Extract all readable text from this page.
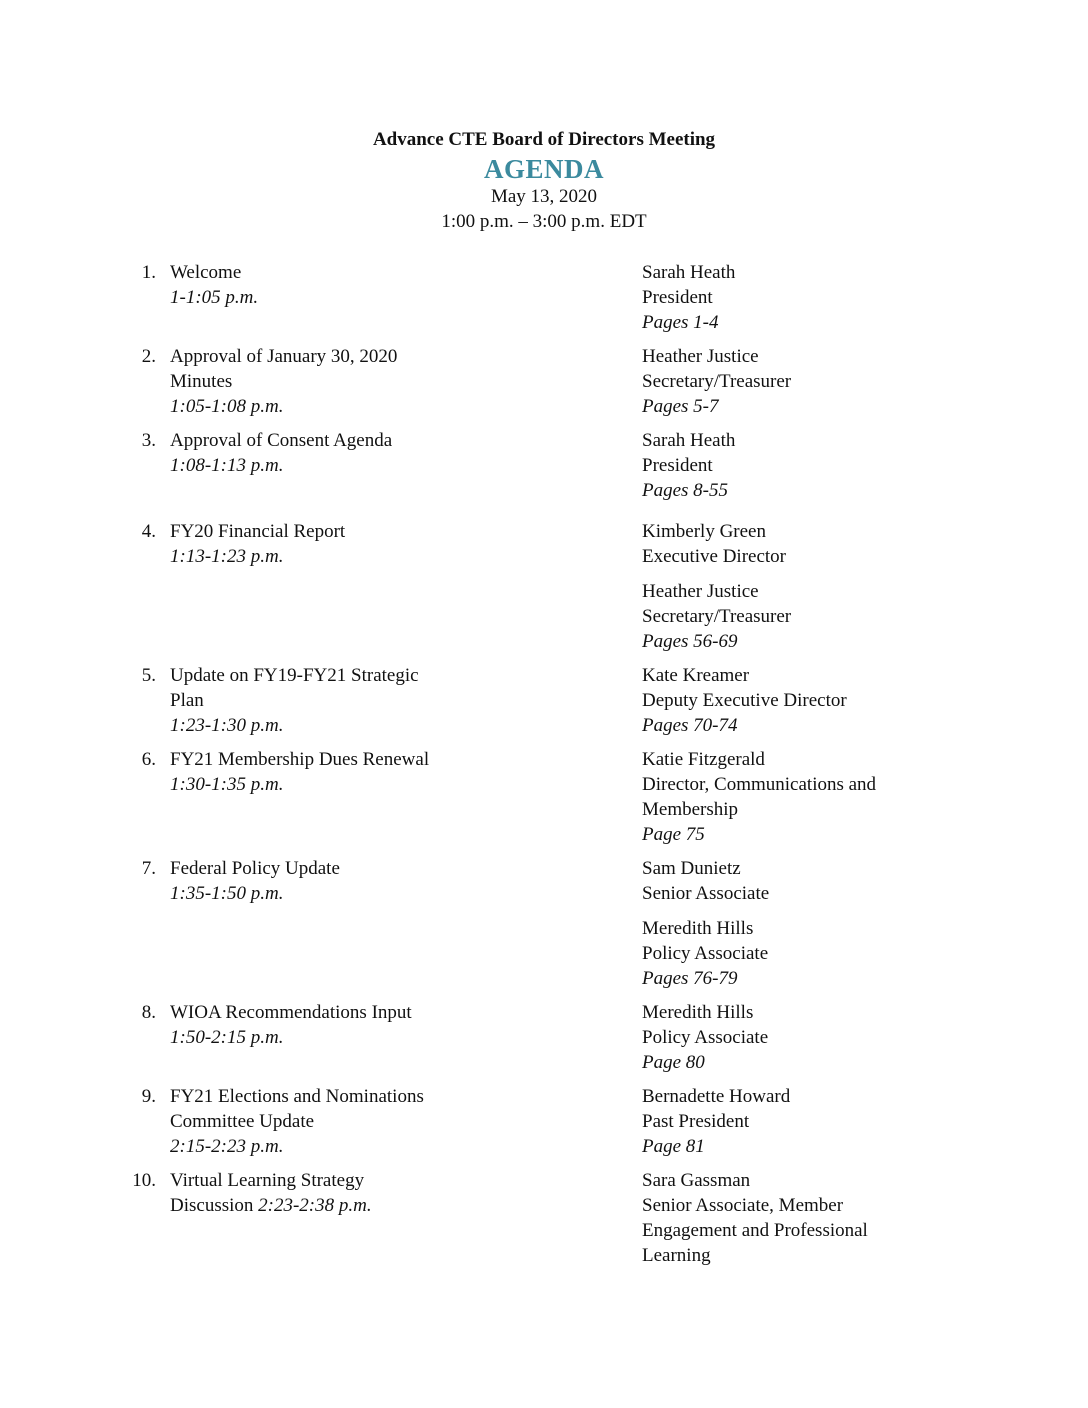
Advance CTE Board of Directors Meeting
AGENDA
May 13, 2020
1:00 p.m. – 3:00 p.m. EDT
1. Welcome
1-1:05 p.m.
Sarah Heath
President
Pages 1-4
2. Approval of January 30, 2020
Minutes
1:05-1:08 p.m.
Heather Justice
Secretary/Treasurer
Pages 5-7
3. Approval of Consent Agenda
1:08-1:13 p.m.
Sarah Heath
President
Pages 8-55
4. FY20 Financial Report
1:13-1:23 p.m.
Kimberly Green
Executive Director
Heather Justice
Secretary/Treasurer
Pages 56-69
5. Update on FY19-FY21 Strategic
Plan
1:23-1:30 p.m.
Kate Kreamer
Deputy Executive Director
Pages 70-74
6. FY21 Membership Dues Renewal
1:30-1:35 p.m.
Katie Fitzgerald
Director, Communications and
Membership
Page 75
7. Federal Policy Update
1:35-1:50 p.m.
Sam Dunietz
Senior Associate
Meredith Hills
Policy Associate
Pages 76-79
8. WIOA Recommendations Input
1:50-2:15 p.m.
Meredith Hills
Policy Associate
Page 80
9. FY21 Elections and Nominations
Committee Update
2:15-2:23 p.m.
Bernadette Howard
Past President
Page 81
10. Virtual Learning Strategy
Discussion 2:23-2:38 p.m.
Sara Gassman
Senior Associate, Member
Engagement and Professional
Learning
